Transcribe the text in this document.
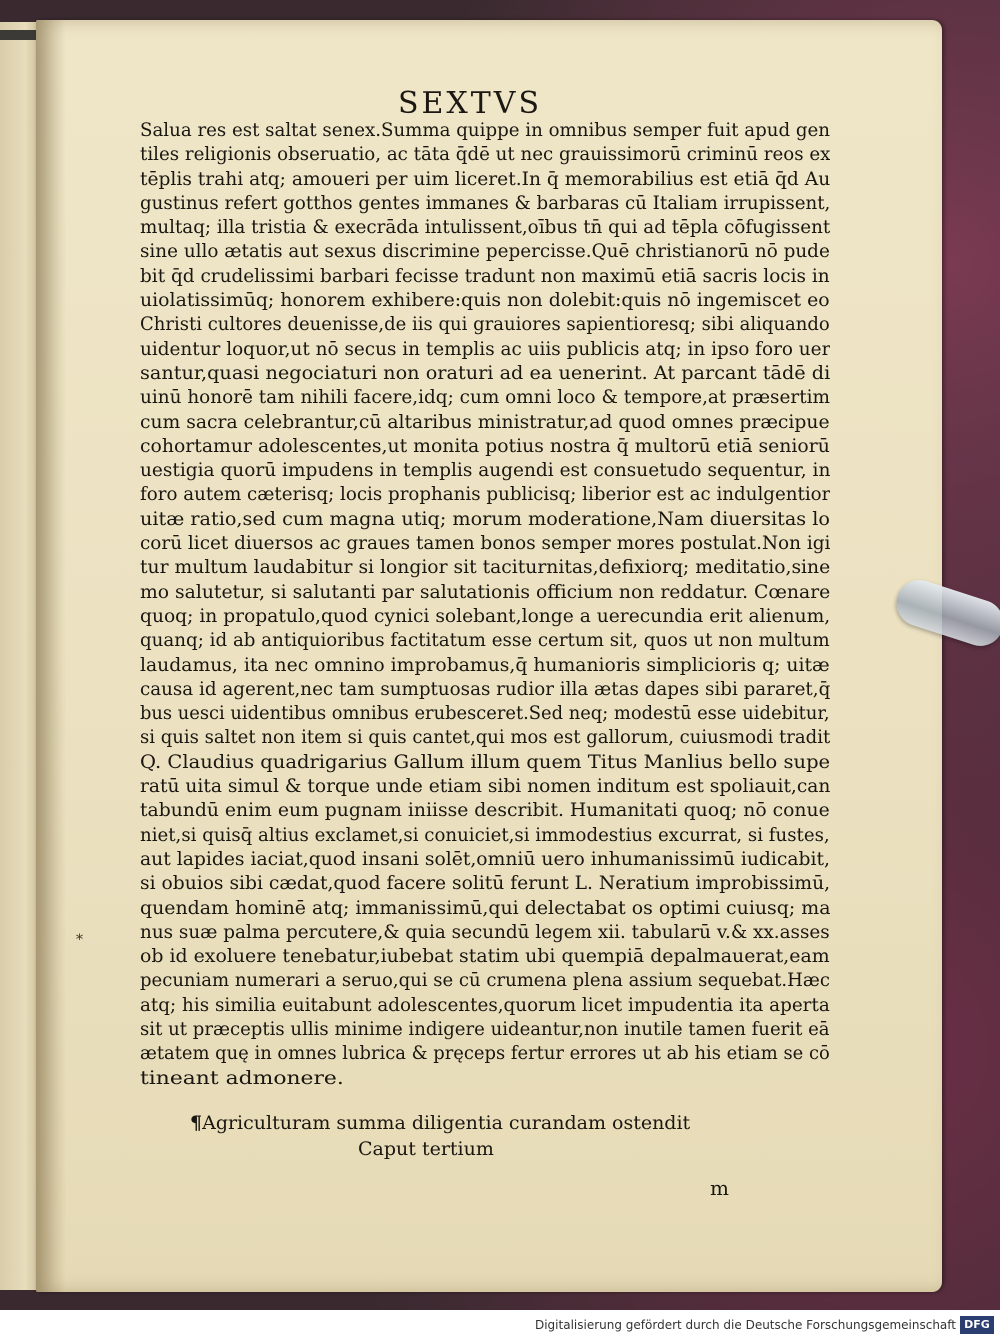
SEXTVS
Salua res est saltat senex.Summa quippe in omnibus semper fuit apud gen
tiles religionis obseruatio, ac tāta q̄dē ut nec grauissimorū criminū reos ex
tēplis trahi atq; amoueri per uim liceret.In q̄ memorabilius est etiā q̄d Au
gustinus refert gotthos gentes immanes & barbaras cū Italiam irrupissent,
multaq; illa tristia & execrāda intulissent,oībus tn̄ qui ad tēpla cōfugissent
sine ullo ætatis aut sexus discrimine pepercisse.Quē christianorū nō pude
bit q̄d crudelissimi barbari fecisse tradunt non maximū etiā sacris locis in
uiolatissimūq; honorem exhibere:quis non dolebit:quis nō ingemiscet eo
Christi cultores deuenisse,de iis qui grauiores sapientioresq; sibi aliquando
uidentur loquor,ut nō secus in templis ac uiis publicis atq; in ipso foro uer
santur,quasi negociaturi non oraturi ad ea uenerint. At parcant tādē di
uinū honorē tam nihili facere,idq; cum omni loco & tempore,at præsertim
cum sacra celebrantur,cū altaribus ministratur,ad quod omnes præcipue
cohortamur adolescentes,ut monita potius nostra q̄ multorū etiā seniorū
uestigia quorū impudens in templis augendi est consuetudo sequentur, in
foro autem cæterisq; locis prophanis publicisq; liberior est ac indulgentior
uitæ ratio,sed cum magna utiq; morum moderatione,Nam diuersitas lo
corū licet diuersos ac graues tamen bonos semper mores postulat.Non igi
tur multum laudabitur si longior sit taciturnitas,defixiorq; meditatio,sine
mo salutetur, si salutanti par salutationis officium non reddatur. Cœnare
quoq; in propatulo,quod cynici solebant,longe a uerecundia erit alienum,
quanq; id ab antiquioribus factitatum esse certum sit, quos ut non multum
laudamus, ita nec omnino improbamus,q̄ humanioris simplicioris q; uitæ
causa id agerent,nec tam sumptuosas rudior illa ætas dapes sibi pararet,q̄
bus uesci uidentibus omnibus erubesceret.Sed neq; modestū esse uidebitur,
si quis saltet non item si quis cantet,qui mos est gallorum, cuiusmodi tradit
Q. Claudius quadrigarius Gallum illum quem Titus Manlius bello supe
ratū uita simul & torque unde etiam sibi nomen inditum est spoliauit,can
tabundū enim eum pugnam iniisse describit. Humanitati quoq; nō conue
niet,si quisq̄ altius exclamet,si conuiciet,si immodestius excurrat, si fustes,
aut lapides iaciat,quod insani solēt,omniū uero inhumanissimū iudicabit,
si obuios sibi cædat,quod facere solitū ferunt L. Neratium improbissimū,
quendam hominē atq; immanissimū,qui delectabat os optimi cuiusq; ma
nus suæ palma percutere,& quia secundū legem xii. tabularū v.& xx.asses
ob id exoluere tenebatur,iubebat statim ubi quempiā depalmauerat,eam
pecuniam numerari a seruo,qui se cū crumena plena assium sequebat.Hæc
atq; his similia euitabunt adolescentes,quorum licet impudentia ita aperta
sit ut præceptis ullis minime indigere uideantur,non inutile tamen fuerit eā
ætatem quę in omnes lubrica & pręceps fertur errores ut ab his etiam se cō
tineant admonere.
*
¶Agriculturam summa diligentia curandam ostendit
Caput tertium
m
Digitalisierung gefördert durch die Deutsche Forschungsgemeinschaft DFG
